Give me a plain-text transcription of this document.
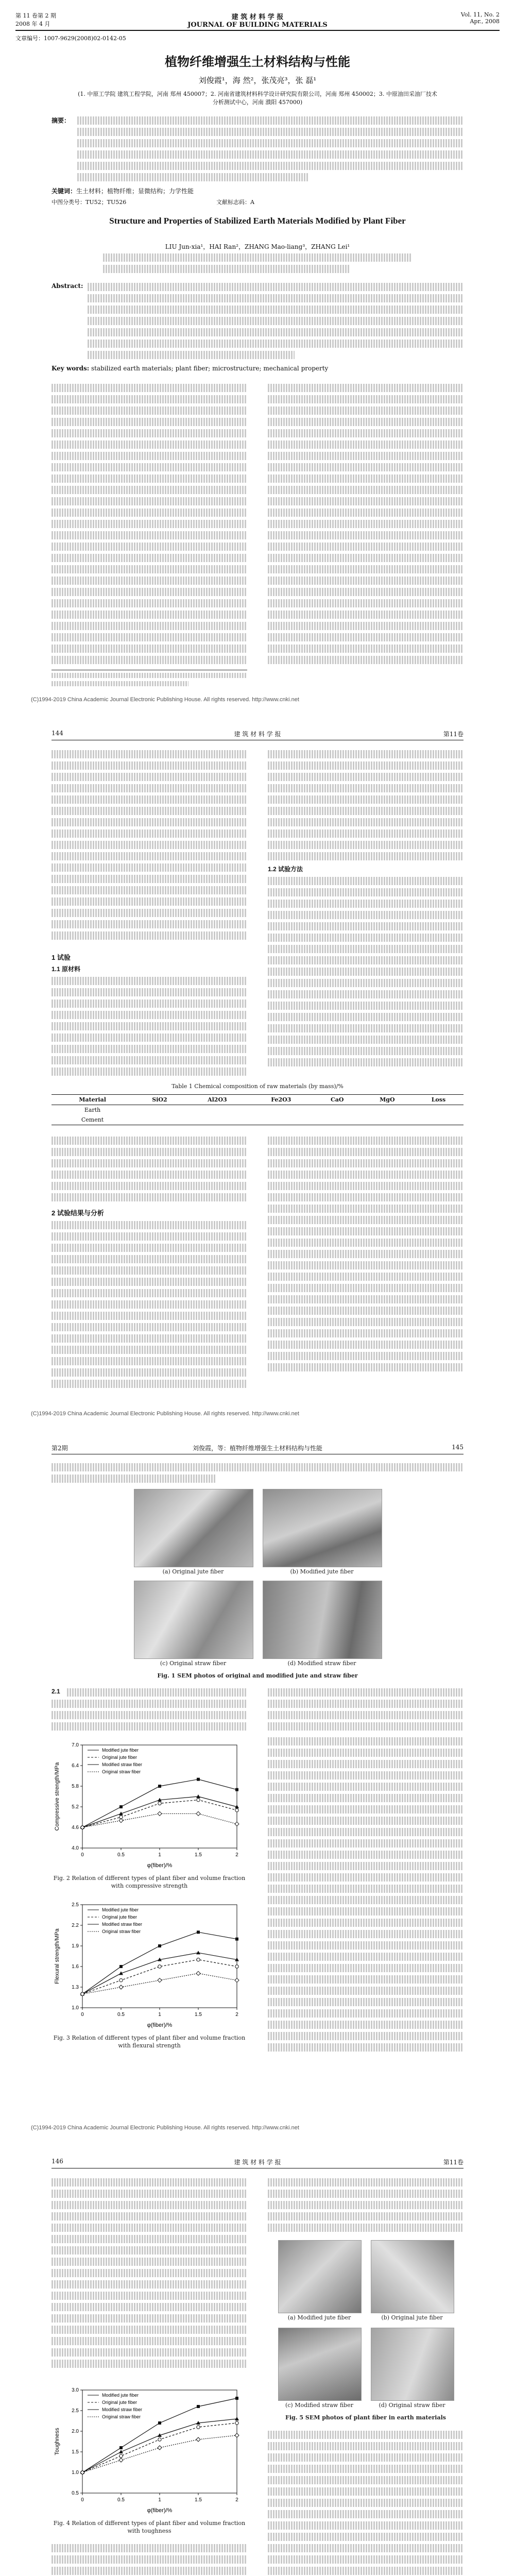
第 11 卷第 2 期
2008 年 4 月
建 筑 材 料 学 报
JOURNAL OF BUILDING MATERIALS
Vol. 11, No. 2
Apr., 2008
文章编号：1007-9629(2008)02-0142-05
植物纤维增强生土材料结构与性能
刘俊霞¹，海 然²，张茂亮³，张 磊¹
(1. 中原工学院 建筑工程学院，河南 郑州 450007；2. 河南省建筑材料科学设计研究院有限公司，河南 郑州 450002；3. 中原油田采油厂技术分析测试中心，河南 濮阳 457000)
摘要：
关键词：生土材料；植物纤维；显微结构；力学性能
中图分类号：TU52；TU526	文献标志码：A
Structure and Properties of Stabilized Earth Materials Modified by Plant Fiber
LIU Jun-xia¹，HAI Ran²，ZHANG Mao-liang³，ZHANG Lei¹
Abstract:
Key words: stabilized earth materials; plant fiber; microstructure; mechanical property
(C)1994-2019 China Academic Journal Electronic Publishing House. All rights reserved. http://www.cnki.net
144	建 筑 材 料 学 报	第11卷
1 试验
1.1 原材料
1.2 试验方法
Table 1 Chemical composition of raw materials (by mass)/%
Material	SiO2	Al2O3	Fe2O3	CaO	MgO	Loss
Earth						
Cement						
2 试验结果与分析
(C)1994-2019 China Academic Journal Electronic Publishing House. All rights reserved. http://www.cnki.net
第2期	刘俊霞，等：植物纤维增强生土材料结构与性能	145
(a) Original jute fiber	(b) Modified jute fiber
(c) Original straw fiber	(d) Modified straw fiber
Fig. 1 SEM photos of original and modified jute and straw fiber
2.1
0	0.5	1	1.5	2
4.0
4.6
5.2
5.8
6.4
7.0
φ(fiber)/%
Compressive strength/MPa
Modified jute fiber
Original jute fiber
Modified straw fiber
Original straw fiber
Fig. 2 Relation of different types of plant fiber and volume fraction with compressive strength
0	0.5	1	1.5	2
1.0
1.3
1.6
1.9
2.2
2.5
φ(fiber)/%
Flexural strength/MPa
Modified jute fiber
Original jute fiber
Modified straw fiber
Original straw fiber
Fig. 3 Relation of different types of plant fiber and volume fraction with flexural strength
(C)1994-2019 China Academic Journal Electronic Publishing House. All rights reserved. http://www.cnki.net
146	建 筑 材 料 学 报	第11卷
0	0.5	1	1.5	2
0.5
1.0
1.5
2.0
2.5
3.0
φ(fiber)/%
Toughness
Modified jute fiber
Original jute fiber
Modified straw fiber
Original straw fiber
Fig. 4 Relation of different types of plant fiber and volume fraction with toughness
(a) Modified jute fiber	(b) Original jute fiber
(c) Modified straw fiber	(d) Original straw fiber
Fig. 5 SEM photos of plant fiber in earth materials
